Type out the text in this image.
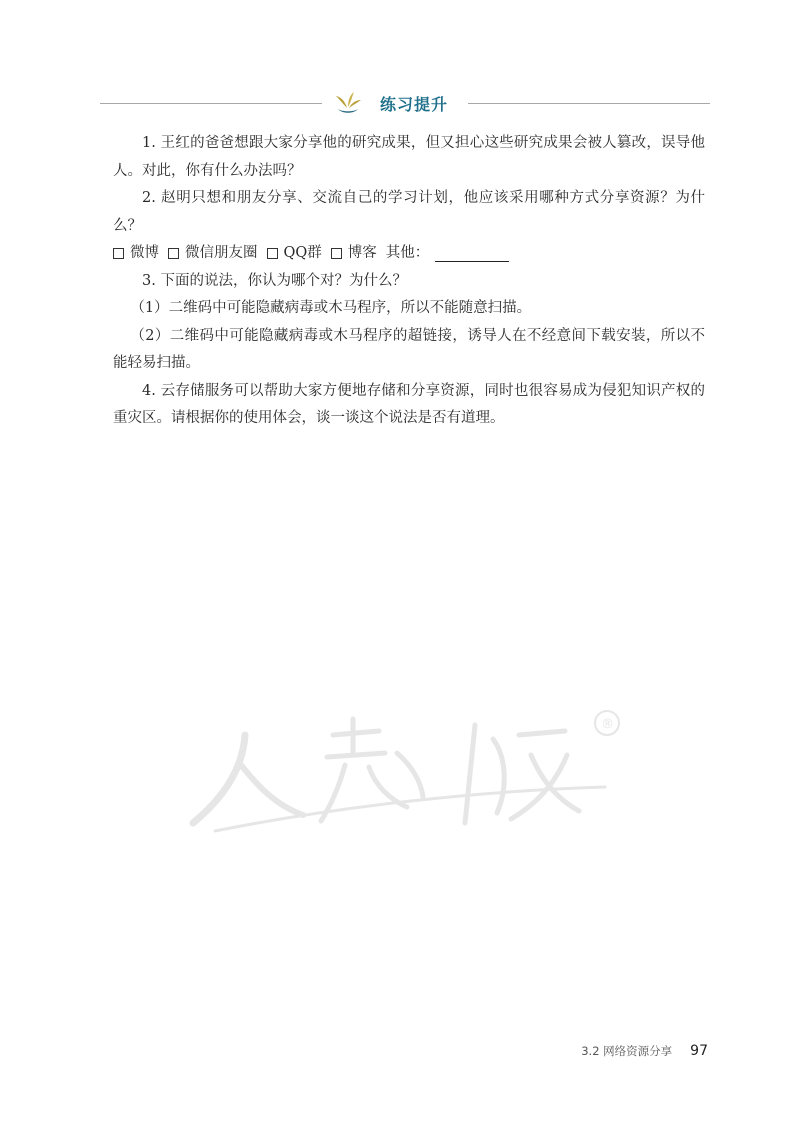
练习提升

1. 王红的爸爸想跟大家分享他的研究成果，但又担心这些研究成果会被人篡改，误导他人。对此，你有什么办法吗？

2. 赵明只想和朋友分享、交流自己的学习计划，他应该采用哪种方式分享资源？为什么？

微博 微信朋友圈 QQ群 博客 其他：

3. 下面的说法，你认为哪个对？为什么？

（1）二维码中可能隐藏病毒或木马程序，所以不能随意扫描。

（2）二维码中可能隐藏病毒或木马程序的超链接，诱导人在不经意间下载安装，所以不能轻易扫描。

4. 云存储服务可以帮助大家方便地存储和分享资源，同时也很容易成为侵犯知识产权的重灾区。请根据你的使用体会，谈一谈这个说法是否有道理。

®
3.2 网络资源分享 97
